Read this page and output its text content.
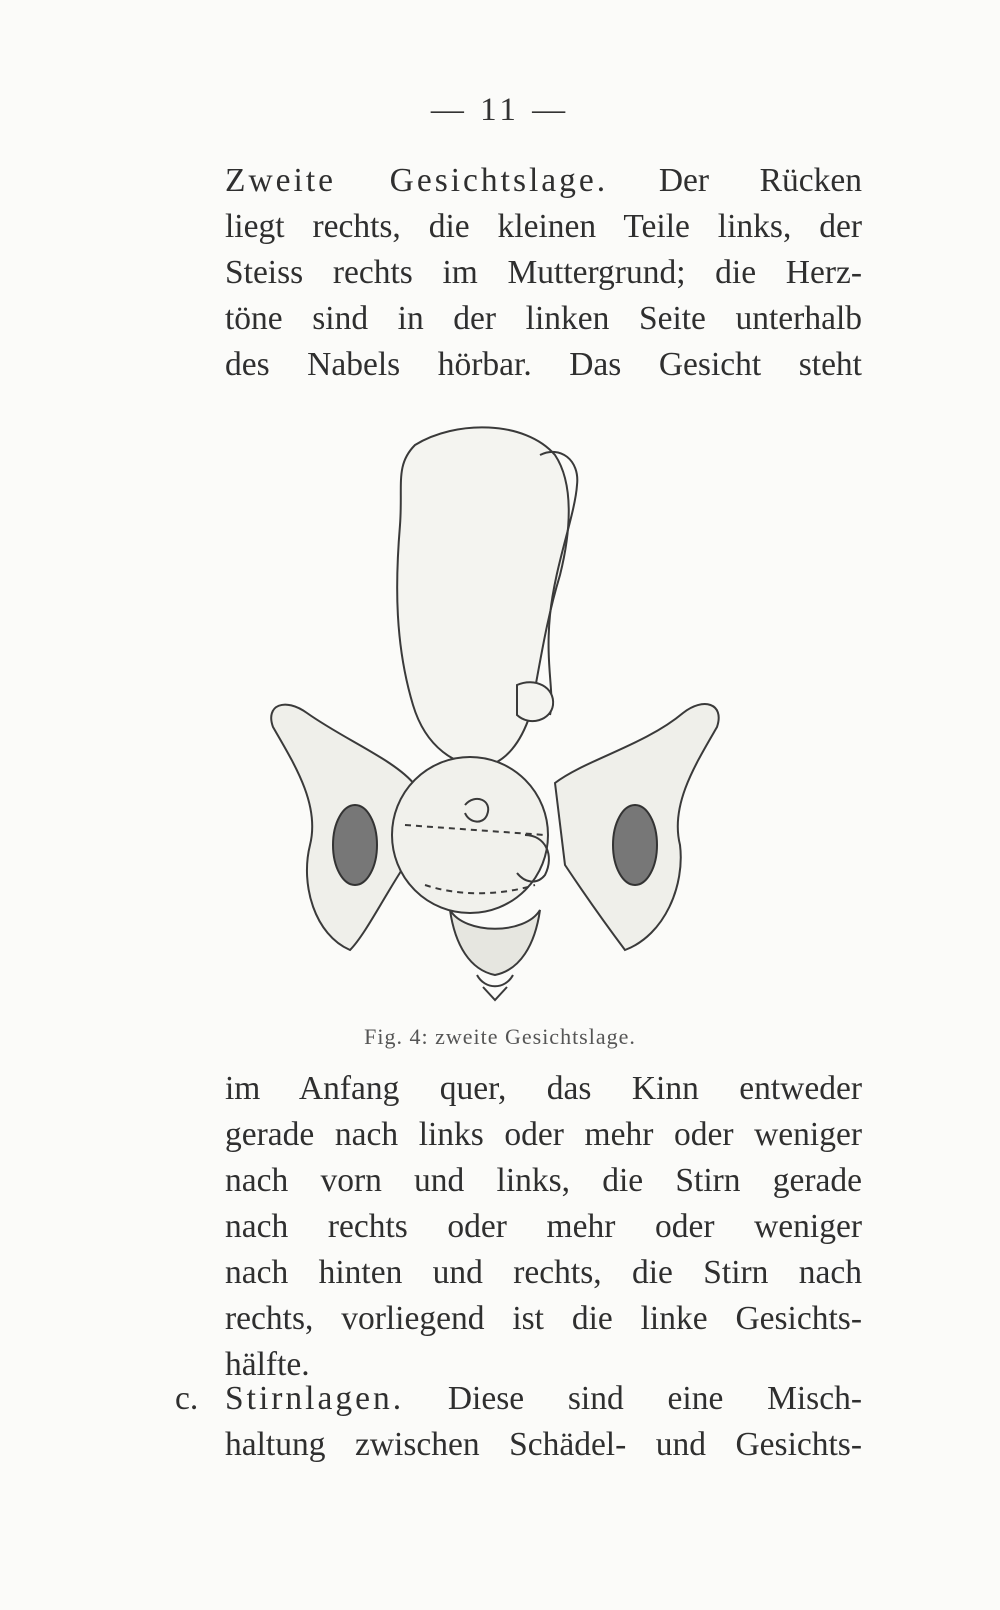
— 11 —
Zweite Gesichtslage. Der Rücken
liegt rechts, die kleinen Teile links, der
Steiss rechts im Muttergrund; die Herz-
töne sind in der linken Seite unterhalb
des Nabels hörbar. Das Gesicht steht
Fig. 4: zweite Gesichtslage.
im Anfang quer, das Kinn entweder
gerade nach links oder mehr oder weniger
nach vorn und links, die Stirn gerade
nach rechts oder mehr oder weniger
nach hinten und rechts, die Stirn nach
rechts, vorliegend ist die linke Gesichts-
hälfte.
c. Stirnlagen. Diese sind eine Misch-
haltung zwischen Schädel- und Gesichts-
